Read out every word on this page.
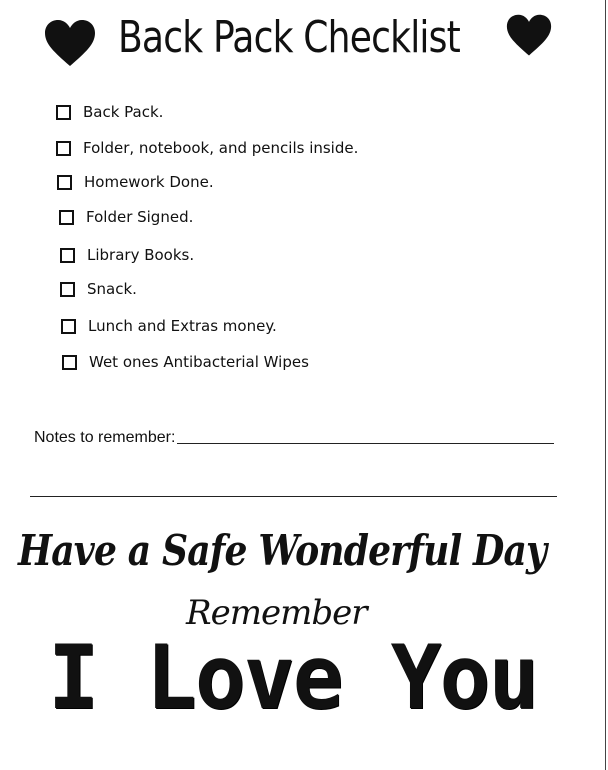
Back Pack Checklist
Back Pack.
Folder, notebook, and pencils inside.
Homework Done.
Folder Signed.
Library Books.
Snack.
Lunch and Extras money.
Wet ones Antibacterial Wipes
Notes to remember:
Have a Safe Wonderful Day
Remember
I Love You
